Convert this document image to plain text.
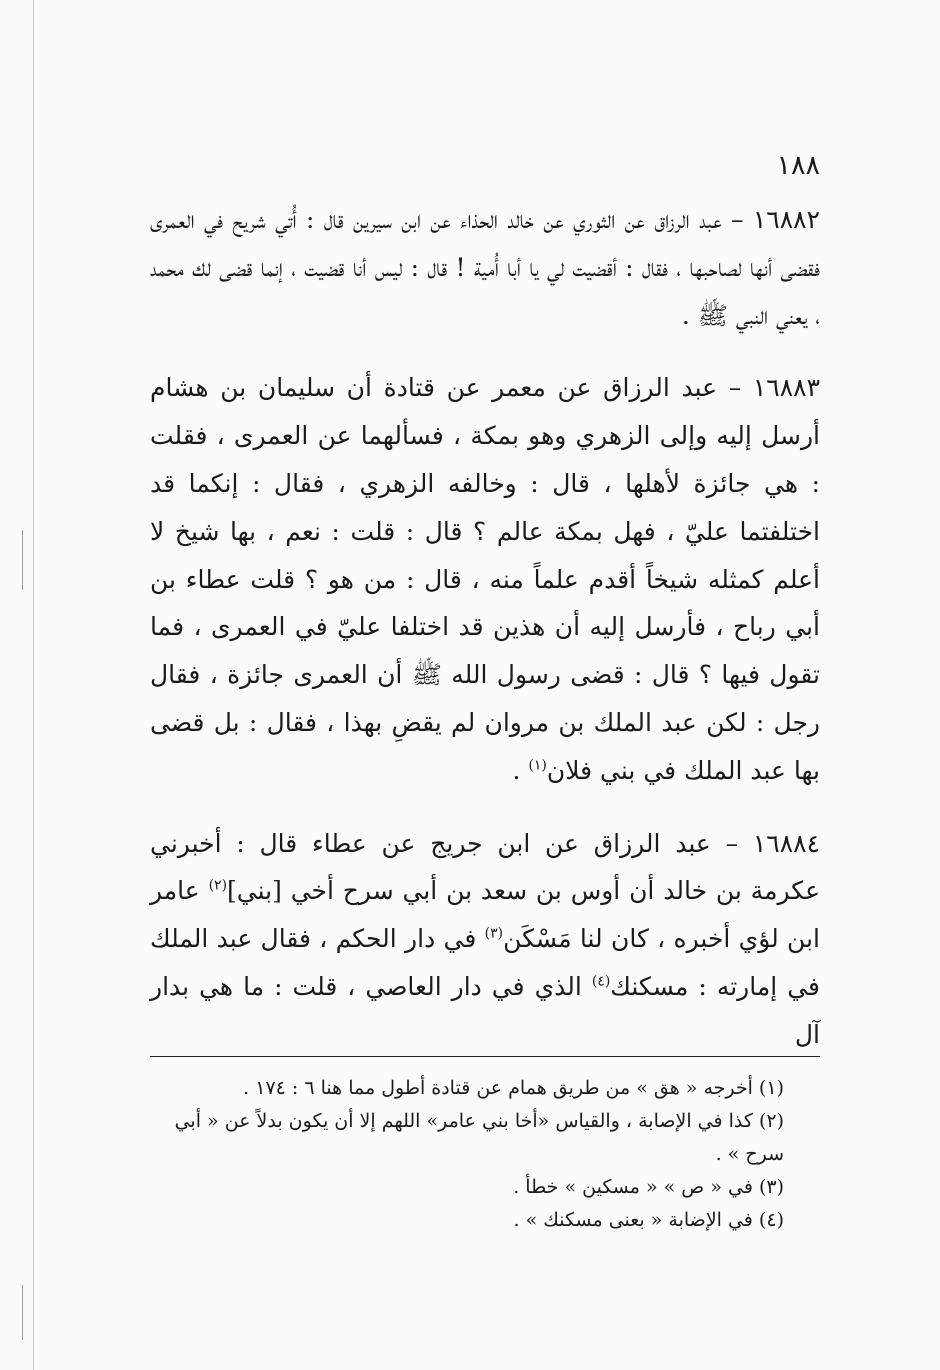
١٨٨

١٦٨٨٢ – عبد الرزاق عن الثوري عن خالد الحذاء عن ابن سيرين قال : أُتي شريح في العمرى فقضى أنها لصاحبها ، فقال : أقضيت لي يا أبا أُمية ! قال : ليس أنا قضيت ، إنما قضى لك محمد ، يعني النبي ﷺ .

١٦٨٨٣ – عبد الرزاق عن معمر عن قتادة أن سليمان بن هشام أرسل إليه وإلى الزهري وهو بمكة ، فسألهما عن العمرى ، فقلت : هي جائزة لأهلها ، قال : وخالفه الزهري ، فقال : إنكما قد اختلفتما عليّ ، فهل بمكة عالم ؟ قال : قلت : نعم ، بها شيخ لا أعلم كمثله شيخاً أقدم علماً منه ، قال : من هو ؟ قلت عطاء بن أبي رباح ، فأرسل إليه أن هذين قد اختلفا عليّ في العمرى ، فما تقول فيها ؟ قال : قضى رسول الله ﷺ أن العمرى جائزة ، فقال رجل : لكن عبد الملك بن مروان لم يقضِ بهذا ، فقال : بل قضى بها عبد الملك في بني فلان$^{(١)}$ .

١٦٨٨٤ – عبد الرزاق عن ابن جريج عن عطاء قال : أخبرني عكرمة بن خالد أن أوس بن سعد بن أبي سرح أخي [بني]$^{(٢)}$ عامر ابن لؤي أخبره ، كان لنا مَسْكَن$^{(٣)}$ في دار الحكم ، فقال عبد الملك في إمارته : مسكنك$^{(٤)}$ الذي في دار العاصي ، قلت : ما هي بدار آل

(١) أخرجه « هق » من طريق همام عن قتادة أطول مما هنا ٦ : ١٧٤ .

(٢) كذا في الإصابة ، والقياس «أخا بني عامر» اللهم إلا أن يكون بدلاً عن « أبي سرح » .

(٣) في « ص » « مسكين » خطأ .

(٤) في الإضابة « بعنى مسكنك » .
